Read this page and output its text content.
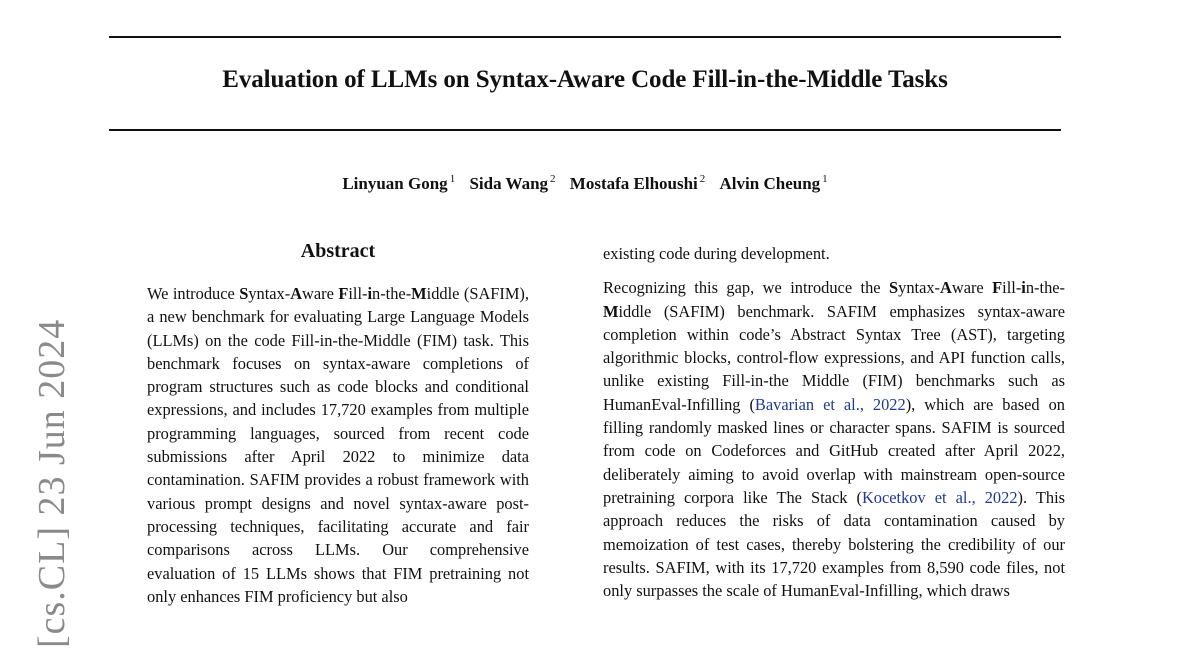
Evaluation of LLMs on Syntax-Aware Code Fill-in-the-Middle Tasks
Linyuan Gong $^1$ Sida Wang $^2$ Mostafa Elhoushi $^2$ Alvin Cheung $^1$
[cs.CL] 23 Jun 2024
Abstract

We introduce Syntax-Aware Fill-in-the-Middle (SAFIM), a new benchmark for evaluating Large Language Models (LLMs) on the code Fill-in-the-Middle (FIM) task. This benchmark focuses on syntax-aware completions of program structures such as code blocks and conditional expressions, and includes 17,720 examples from multiple programming languages, sourced from recent code submissions after April 2022 to minimize data contamination. SAFIM provides a robust framework with various prompt designs and novel syntax-aware post-processing techniques, facilitating accurate and fair comparisons across LLMs. Our comprehensive evaluation of 15 LLMs shows that FIM pretraining not only enhances FIM proficiency but also

existing code during development.

Recognizing this gap, we introduce the Syntax-Aware Fill-in-the-Middle (SAFIM) benchmark. SAFIM emphasizes syntax-aware completion within code’s Abstract Syntax Tree (AST), targeting algorithmic blocks, control-flow expressions, and API function calls, unlike existing Fill-in-the Middle (FIM) benchmarks such as HumanEval-Infilling (Bavarian et al., 2022), which are based on filling randomly masked lines or character spans. SAFIM is sourced from code on Codeforces and GitHub created after April 2022, deliberately aiming to avoid overlap with mainstream open-source pretraining corpora like The Stack (Kocetkov et al., 2022). This approach reduces the risks of data contamination caused by memoization of test cases, thereby bolstering the credibility of our results. SAFIM, with its 17,720 examples from 8,590 code files, not only surpasses the scale of HumanEval-Infilling, which draws
